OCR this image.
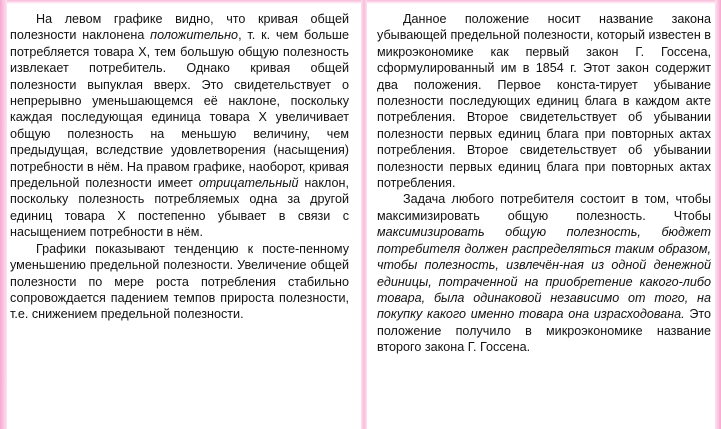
На левом графике видно, что кривая общей полезности наклонена положительно, т. к. чем больше потребляется товара X, тем большую общую полезность извлекает потребитель. Однако кривая общей полезности выпуклая вверх. Это свидетельствует о непрерывно уменьшающемся её наклоне, поскольку каждая последующая единица товара X увеличивает общую полезность на меньшую величину, чем предыдущая, вследствие удовлетворения (насыщения) потребности в нём. На правом графике, наоборот, кривая предельной полезности имеет отрицательный наклон, поскольку полезность потребляемых одна за другой единиц товара X постепенно убывает в связи с насыщением потребности в нём.

Графики показывают тенденцию к посте-пенному уменьшению предельной полезности. Увеличение общей полезности по мере роста потребления стабильно сопровождается падением темпов прироста полезности, т.е. снижением предельной полезности.

Данное положение носит название закона убывающей предельной полезности, который известен в микроэкономике как первый закон Г. Госсена, сформулированный им в 1854 г. Этот закон содержит два положения. Первое конста-тирует убывание полезности последующих единиц блага в каждом акте потребления. Второе свидетельствует об убывании полезности первых единиц блага при повторных актах потребления. Второе свидетельствует об убывании полезности первых единиц блага при повторных актах потребления.

Задача любого потребителя состоит в том, чтобы максимизировать общую полезность. Чтобы максимизировать общую полезность, бюджет потребителя должен распределяться таким образом, чтобы полезность, извлечён-ная из одной денежной единицы, потраченной на приобретение какого-либо товара, была одинаковой независимо от того, на покупку какого именно товара она израсходована. Это положение получило в микроэкономике название второго закона Г. Госсена.
